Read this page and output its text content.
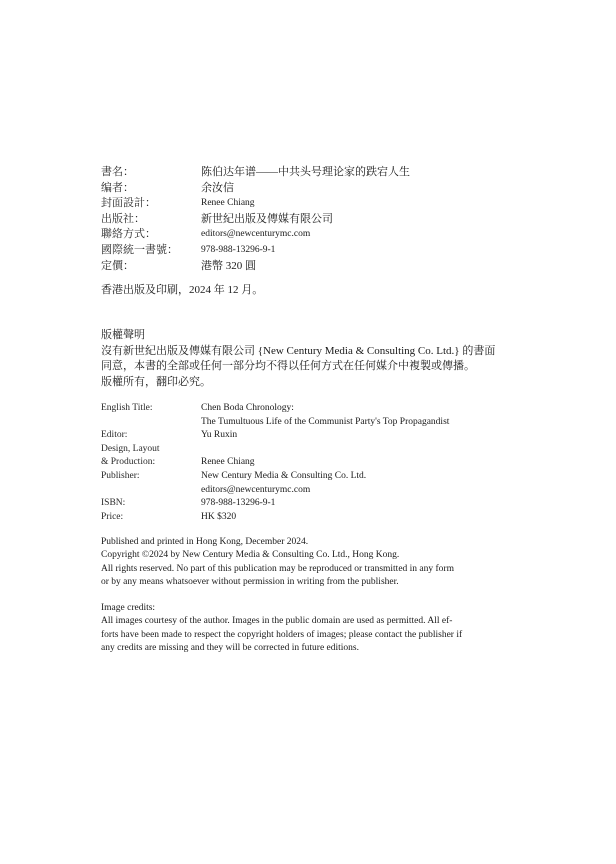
書名：	陈伯达年谱——中共头号理论家的跌宕人生
编者：	余汝信
封面設計：	Renee Chiang
出版社：	新世紀出版及傳媒有限公司
聯絡方式：	editors@newcenturymc.com
國際統一書號：	978-988-13296-9-1
定價：	港幣 320 圓
香港出版及印刷，2024 年 12 月。
版權聲明
沒有新世紀出版及傳媒有限公司 {New Century Media & Consulting Co. Ltd.} 的書面
同意，本書的全部或任何一部分均不得以任何方式在任何媒介中複製或傳播。
版權所有，翻印必究。
English Title:	Chen Boda Chronology:
The Tumultuous Life of the Communist Party's Top Propagandist
Editor:	Yu Ruxin
Design, Layout
& Production:	Renee Chiang
Publisher:	New Century Media & Consulting Co. Ltd.
editors@newcenturymc.com
ISBN:	978-988-13296-9-1
Price:	HK $320
Published and printed in Hong Kong, December 2024.
Copyright ©2024 by New Century Media & Consulting Co. Ltd., Hong Kong.
All rights reserved. No part of this publication may be reproduced or transmitted in any form
or by any means whatsoever without permission in writing from the publisher.
Image credits:
All images courtesy of the author. Images in the public domain are used as permitted. All ef-
forts have been made to respect the copyright holders of images; please contact the publisher if
any credits are missing and they will be corrected in future editions.
